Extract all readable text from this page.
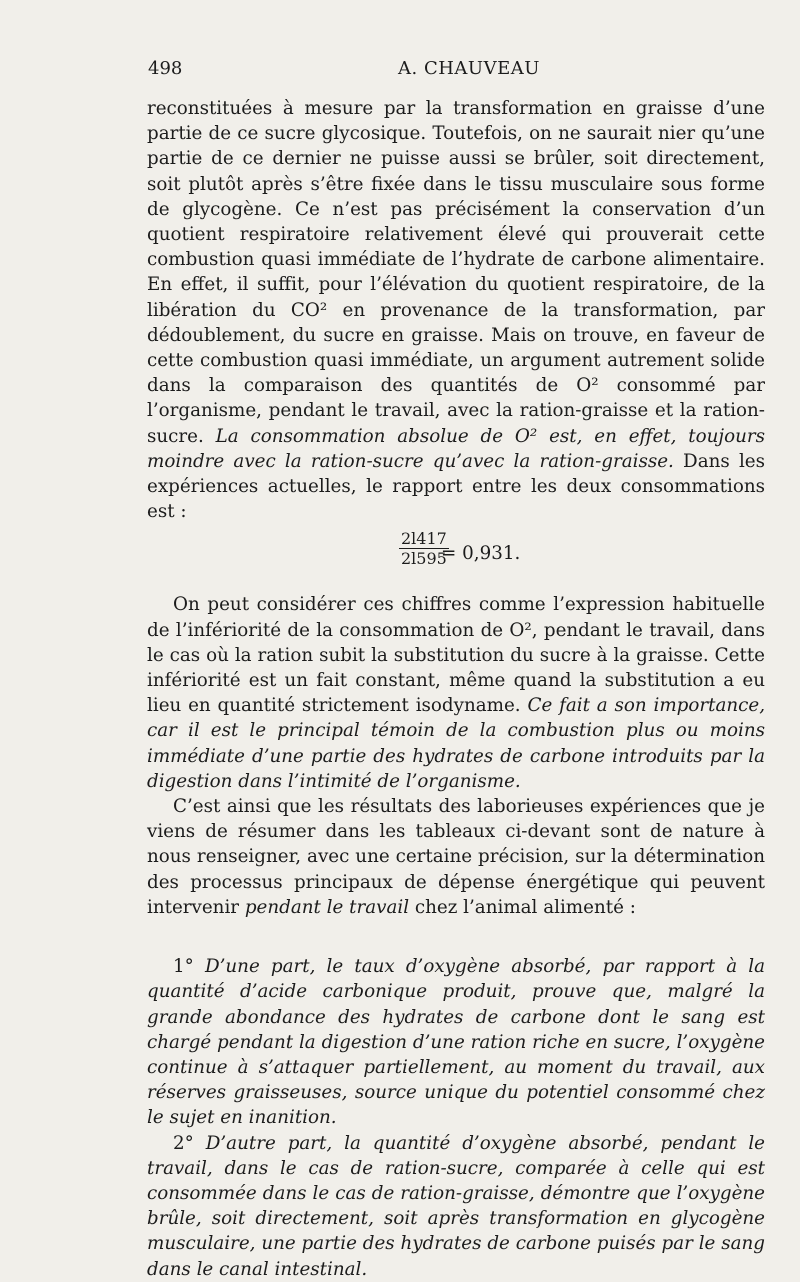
498	A. CHAUVEAU

reconstituées à mesure par la transformation en graisse d’une partie de ce sucre glycosique. Toutefois, on ne saurait nier qu’une partie de ce dernier ne puisse aussi se brûler, soit directement, soit plutôt après s’être fixée dans le tissu musculaire sous forme de glycogène. Ce n’est pas précisément la conservation d’un quotient respiratoire relativement élevé qui prouverait cette combustion quasi immédiate de l’hydrate de carbone alimentaire. En effet, il suffit, pour l’élévation du quotient respiratoire, de la libération du CO² en provenance de la transformation, par dédoublement, du sucre en graisse. Mais on trouve, en faveur de cette combustion quasi immédiate, un argument autrement solide dans la comparaison des quantités de O² consommé par l’organisme, pendant le travail, avec la ration-graisse et la ration-sucre. La consommation absolue de O² est, en effet, toujours moindre avec la ration-sucre qu’avec la ration-graisse. Dans les expériences actuelles, le rapport entre les deux consommations est :

$\frac{2l417}{2l595}$
= 0,931.

On peut considérer ces chiffres comme l’expression habituelle de l’infériorité de la consommation de O², pendant le travail, dans le cas où la ration subit la substitution du sucre à la graisse. Cette infériorité est un fait constant, même quand la substitution a eu lieu en quantité strictement isodyname. Ce fait a son importance, car il est le principal témoin de la combustion plus ou moins immédiate d’une partie des hydrates de carbone introduits par la digestion dans l’intimité de l’organisme.

C’est ainsi que les résultats des laborieuses expériences que je viens de résumer dans les tableaux ci-devant sont de nature à nous renseigner, avec une certaine précision, sur la détermination des processus principaux de dépense énergétique qui peuvent intervenir pendant le travail chez l’animal alimenté :

1° D’une part, le taux d’oxygène absorbé, par rapport à la quantité d’acide carbonique produit, prouve que, malgré la grande abondance des hydrates de carbone dont le sang est chargé pendant la digestion d’une ration riche en sucre, l’oxygène continue à s’attaquer partiellement, au moment du travail, aux réserves graisseuses, source unique du potentiel consommé chez le sujet en inanition.

2° D’autre part, la quantité d’oxygène absorbé, pendant le travail, dans le cas de ration-sucre, comparée à celle qui est consommée dans le cas de ration-graisse, démontre que l’oxygène brûle, soit directement, soit après transformation en glycogène musculaire, une partie des hydrates de carbone puisés par le sang dans le canal intestinal.
